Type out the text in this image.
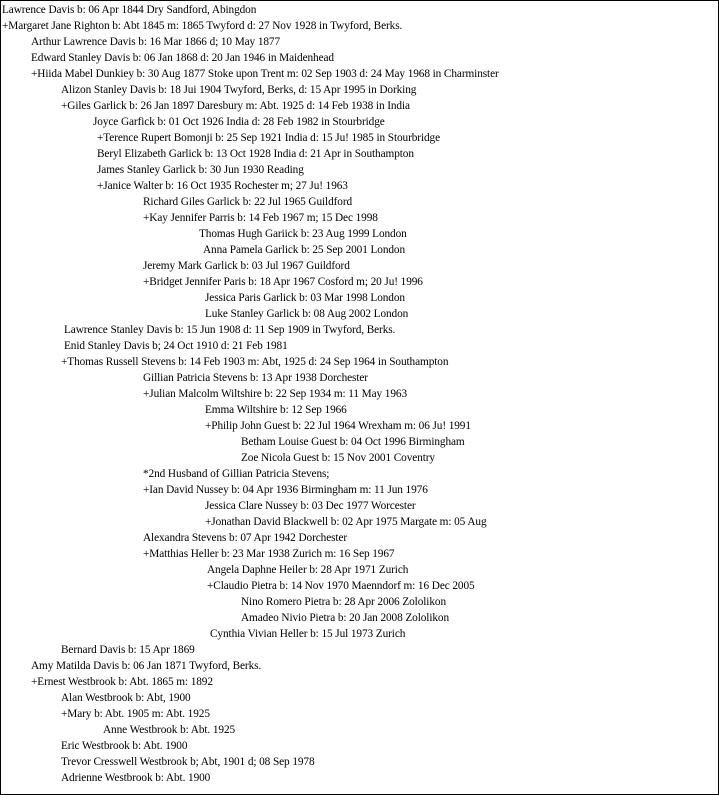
Lawrence Davis b: 06 Apr 1844 Dry Sandford, Abingdon
+Margaret Jane Righton b: Abt 1845 m: 1865 Twyford d: 27 Nov 1928 in Twyford, Berks.
Arthur Lawrence Davis b: 16 Mar 1866 d; 10 May 1877
Edward Stanley Davis b: 06 Jan 1868 d: 20 Jan 1946 in Maidenhead
+Hiida Mabel Dunkiey b: 30 Aug 1877 Stoke upon Trent m: 02 Sep 1903 d: 24 May 1968 in Charminster
Alizon Stanley Davis b: 18 Jui 1904 Twyford, Berks, d: 15 Apr 1995 in Dorking
+Giles Garlick b: 26 Jan 1897 Daresbury m: Abt. 1925 d: 14 Feb 1938 in India
Joyce Garfick b: 01 Oct 1926 India d: 28 Feb 1982 in Stourbridge
+Terence Rupert Bomonji b: 25 Sep 1921 India d: 15 Ju! 1985 in Stourbridge
Beryl Elizabeth Garlick b: 13 Oct 1928 India d: 21 Apr in Southampton
James Stanley Garlick b: 30 Jun 1930 Reading
+Janice Walter b: 16 Oct 1935 Rochester m; 27 Ju! 1963
Richard Giles Garlick b: 22 Jul 1965 Guildford
+Kay Jennifer Parris b: 14 Feb 1967 m; 15 Dec 1998
Thomas Hugh Gariick b: 23 Aug 1999 London
Anna Pamela Garlick b: 25 Sep 2001 London
Jeremy Mark Garlick b: 03 Jul 1967 Guildford
+Bridget Jennifer Paris b: 18 Apr 1967 Cosford m; 20 Ju! 1996
Jessica Paris Garlick b: 03 Mar 1998 London
Luke Stanley Garlick b: 08 Aug 2002 London
Lawrence Stanley Davis b: 15 Jun 1908 d: 11 Sep 1909 in Twyford, Berks.
Enid Stanley Davis b; 24 Oct 1910 d: 21 Feb 1981
+Thomas Russell Stevens b: 14 Feb 1903 m: Abt, 1925 d: 24 Sep 1964 in Southampton
Gillian Patricia Stevens b: 13 Apr 1938 Dorchester
+Julian Malcolm Wiltshire b: 22 Sep 1934 m: 11 May 1963
Emma Wiltshire b: 12 Sep 1966
+Philip John Guest b: 22 Jul 1964 Wrexham m: 06 Ju! 1991
Betham Louise Guest b: 04 Oct 1996 Birmingham
Zoe Nicola Guest b: 15 Nov 2001 Coventry
*2nd Husband of Gillian Patricia Stevens;
+Ian David Nussey b: 04 Apr 1936 Birmingham m: 11 Jun 1976
Jessica Clare Nussey b: 03 Dec 1977 Worcester
+Jonathan David Blackwell b: 02 Apr 1975 Margate m: 05 Aug
Alexandra Stevens b: 07 Apr 1942 Dorchester
+Matthias Heller b: 23 Mar 1938 Zurich m: 16 Sep 1967
Angela Daphne Heiler b: 28 Apr 1971 Zurich
+Claudio Pietra b: 14 Nov 1970 Maenndorf m: 16 Dec 2005
Nino Romero Pietra b: 28 Apr 2006 Zololikon
Amadeo Nivio Pietra b: 20 Jan 2008 Zololikon
Cynthia Vivian Heller b: 15 Jul 1973 Zurich
Bernard Davis b: 15 Apr 1869
Amy Matilda Davis b: 06 Jan 1871 Twyford, Berks.
+Ernest Westbrook b: Abt. 1865 m: 1892
Alan Westbrook b: Abt, 1900
+Mary b: Abt. 1905 m: Abt. 1925
Anne Westbrook b: Abt. 1925
Eric Westbrook b: Abt. 1900
Trevor Cresswell Westbrook b; Abt, 1901 d; 08 Sep 1978
Adrienne Westbrook b: Abt. 1900
